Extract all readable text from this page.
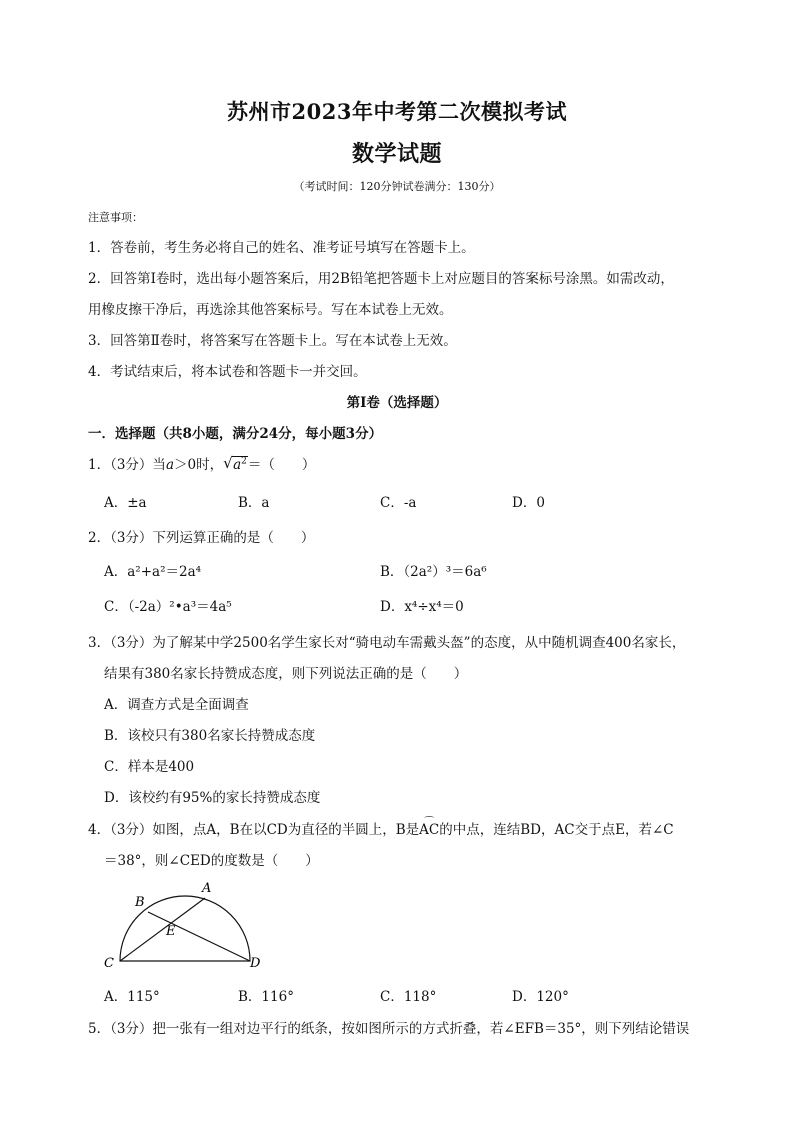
苏州市2023年中考第二次模拟考试
数学试题
（考试时间：120分钟试卷满分：130分）
注意事项：
1．答卷前，考生务必将自己的姓名、准考证号填写在答题卡上。
2．回答第Ⅰ卷时，选出每小题答案后，用2B铅笔把答题卡上对应题目的答案标号涂黑。如需改动，
用橡皮擦干净后，再选涂其他答案标号。写在本试卷上无效。
3．回答第Ⅱ卷时，将答案写在答题卡上。写在本试卷上无效。
4．考试结束后，将本试卷和答题卡一并交回。
第Ⅰ卷（选择题）
一．选择题（共8小题，满分24分，每小题3分）
1．（3分）当a＞0时， √ $a^2=$（　　）
A．±a	B．a	C．-a	D．0
2．（3分）下列运算正确的是（　　）
A．a²+a²＝2a⁴	B．（2a²）³＝6a⁶
C．（-2a）²•a³＝4a⁵	D．x⁴÷x⁴＝0
3．（3分）为了解某中学2500名学生家长对“骑电动车需戴头盔”的态度，从中随机调查400名家长，
结果有380名家长持赞成态度，则下列说法正确的是（　　）
A．调查方式是全面调查
B．该校只有380名家长持赞成态度
C．样本是400
D．该校约有95%的家长持赞成态度
4．（3分）如图，点A，B在以CD为直径的半圆上，B是⌒ AC的中点，连结BD，AC交于点E，若∠C
＝38°，则∠CED的度数是（　　）
A
B
C	D
E
A．115°	B．116°	C．118°	D．120°
5．（3分）把一张有一组对边平行的纸条，按如图所示的方式折叠，若∠EFB＝35°，则下列结论错误
